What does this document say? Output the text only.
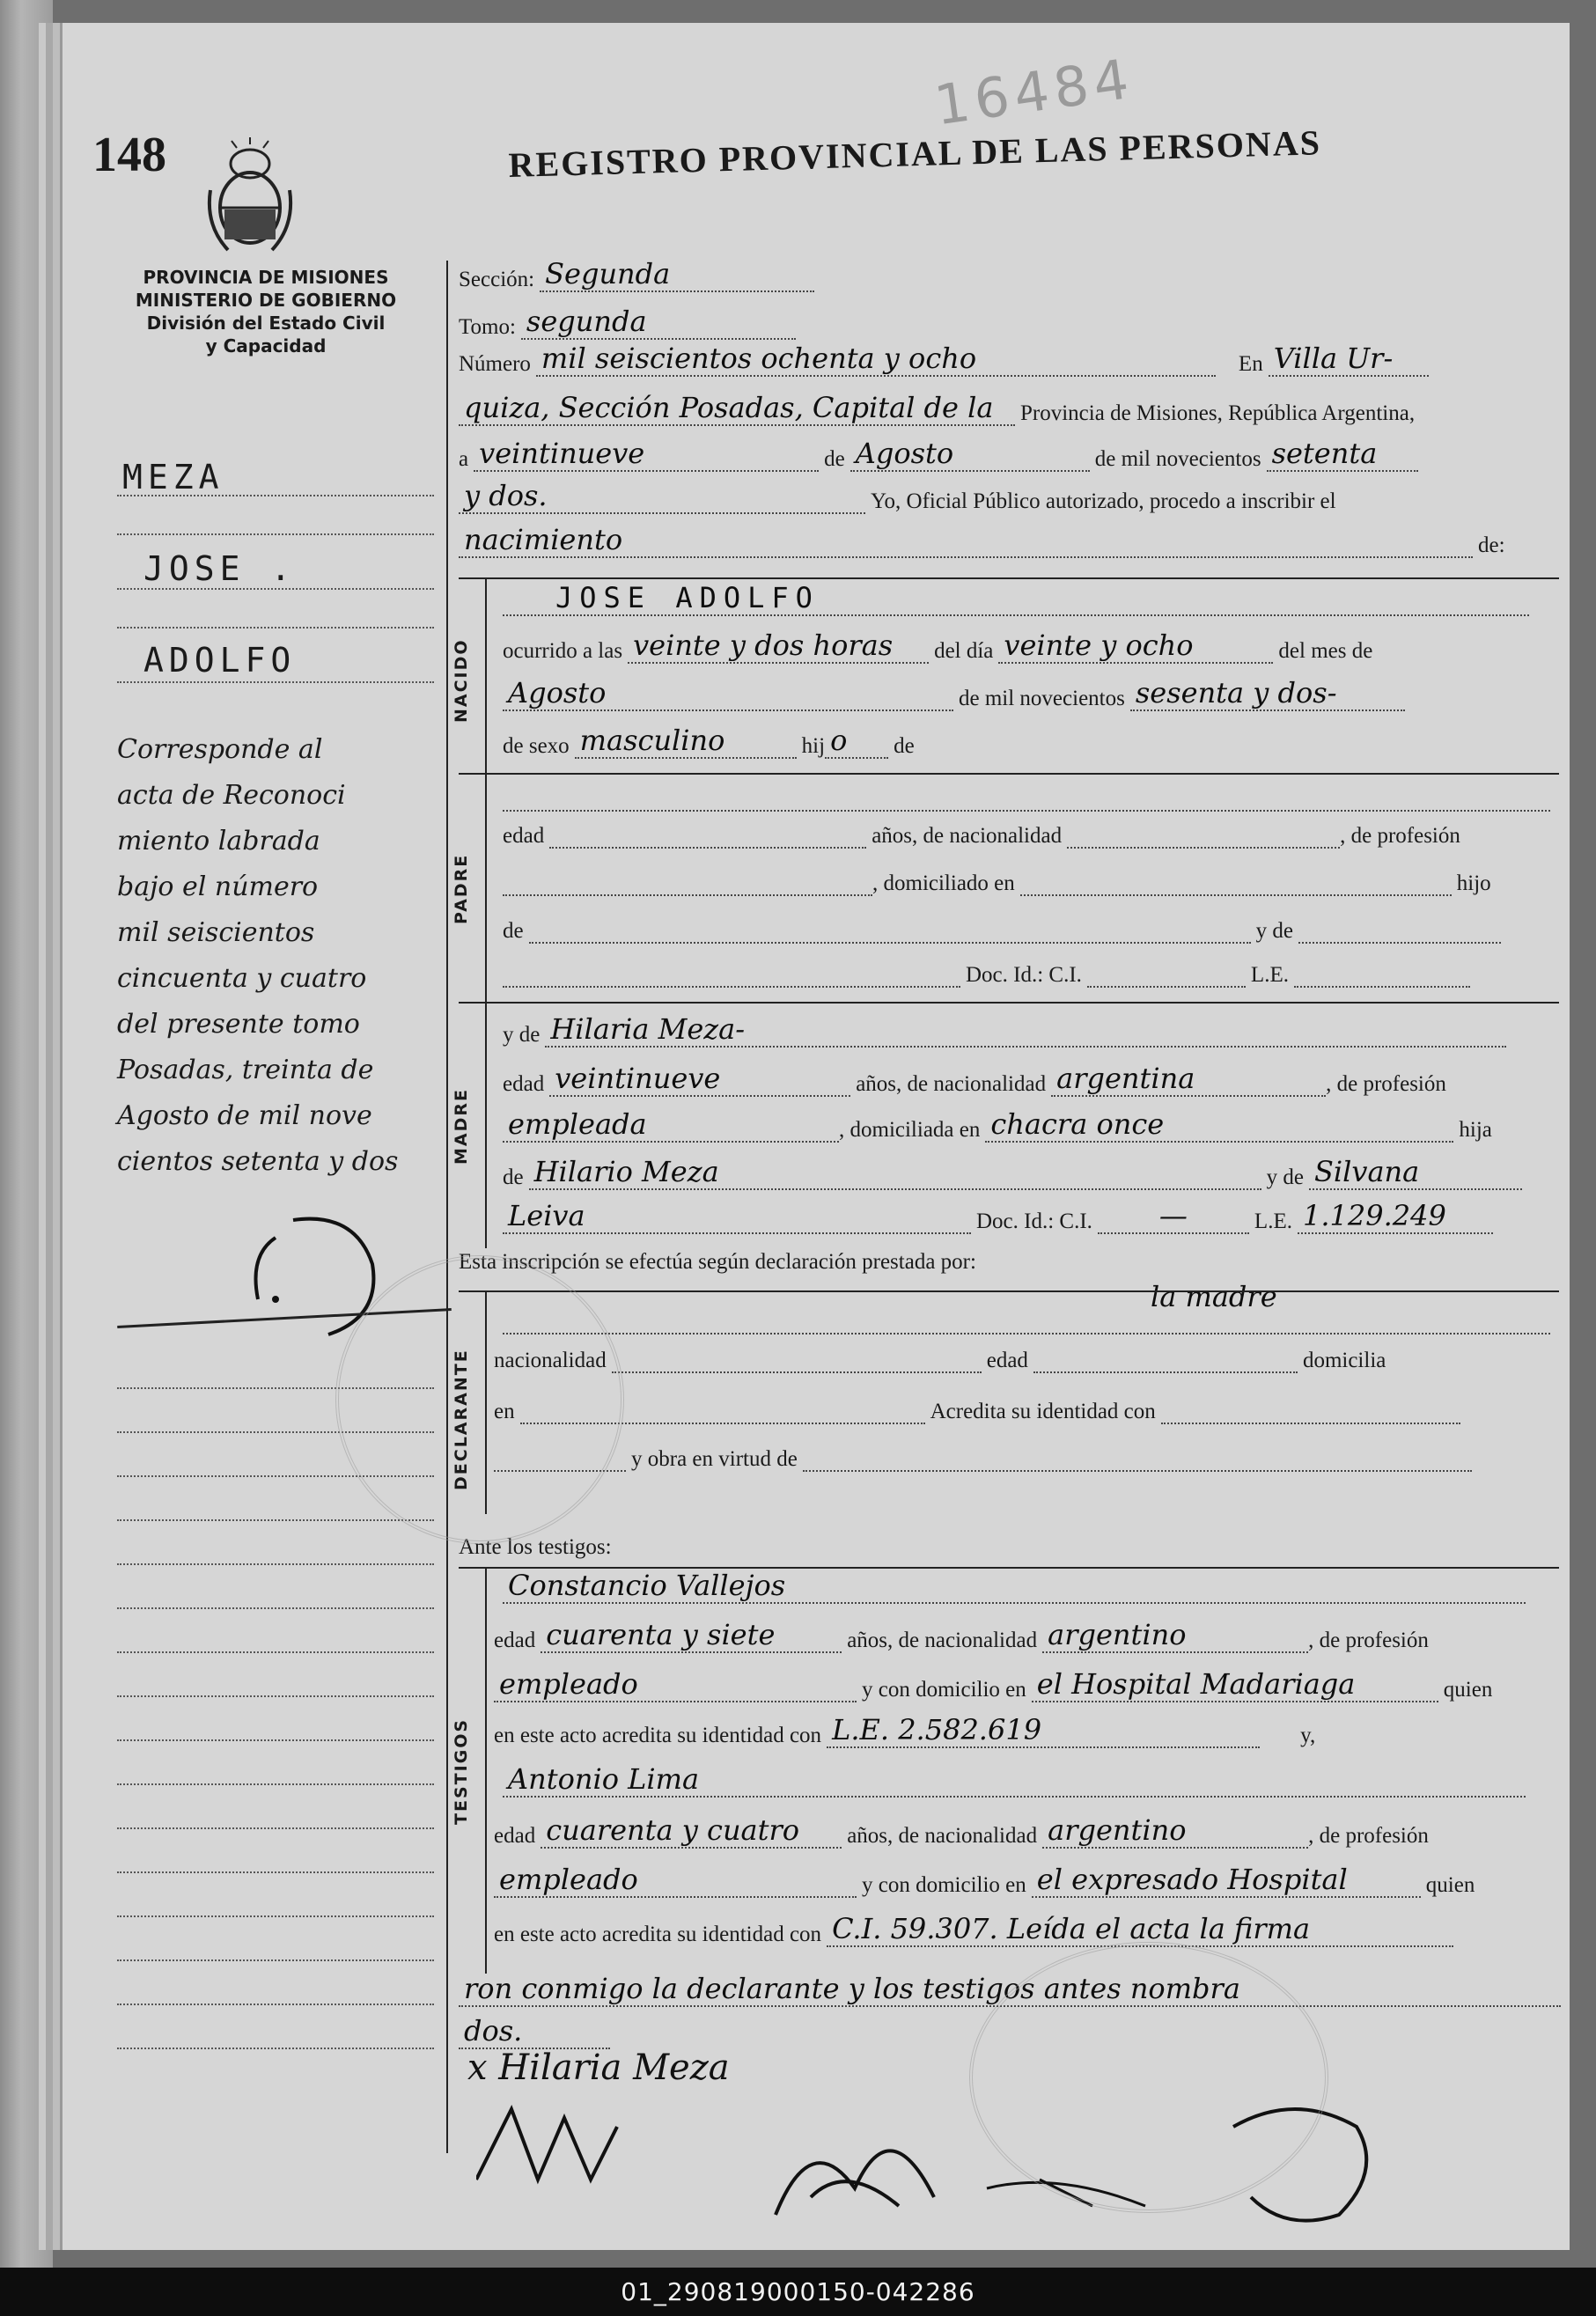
148
16484
REGISTRO PROVINCIAL DE LAS PERSONAS
PROVINCIA DE MISIONES
MINISTERIO DE GOBIERNO
División del Estado Civil
y Capacidad
MEZA
JOSE .
ADOLFO
Corresponde al
acta de Reconoci
miento labrada
bajo el número
mil seiscientos
cincuenta y cuatro
del presente tomo
Posadas, treinta de
Agosto de mil nove
cientos setenta y dos
Sección: Segunda
Tomo: segunda
Número mil seiscientos ochenta y ocho	En Villa Ur-
quiza, Sección Posadas, Capital de la Provincia de Misiones, República Argentina,
a veintinueve	de Agosto	de mil novecientos setenta
y dos.	Yo, Oficial Público autorizado, procedo a inscribir el
nacimiento	de:
NACIDO
JOSE ADOLFO
ocurrido a las veinte y dos horas del día veinte y ocho	del mes de
Agosto	de mil novecientos sesenta y dos-
de sexo masculino	hij o de
PADRE
edad	años, de nacionalidad	, de profesión
, domiciliado en	hijo
de	y de
Doc. Id.: C.I.	L.E.
MADRE
y de Hilaria Meza-
edad veintinueve	años, de nacionalidad argentina	, de profesión
empleada	, domiciliada en chacra once	hija
de Hilario Meza	y de Silvana
Leiva	Doc. Id.: C.I. —	L.E. 1.129.249
Esta inscripción se efectúa según declaración prestada por:
la madre
DECLARANTE	nacionalidad	edad	domicilia
en	Acredita su identidad con
y obra en virtud de
Ante los testigos:
TESTIGOS
Constancio Vallejos
edad cuarenta y siete	años, de nacionalidad argentino	, de profesión
empleado	y con domicilio en el Hospital Madariaga	quien
en este acto acredita su identidad con L.E. 2.582.619	y,
Antonio Lima
edad cuarenta y cuatro años, de nacionalidad argentino	, de profesión
empleado	y con domicilio en el expresado Hospital	quien
en este acto acredita su identidad con C.I. 59.307. Leída el acta la firma
ron conmigo la declarante y los testigos antes nombra
dos.
x Hilaria Meza
01_290819000150-042286
